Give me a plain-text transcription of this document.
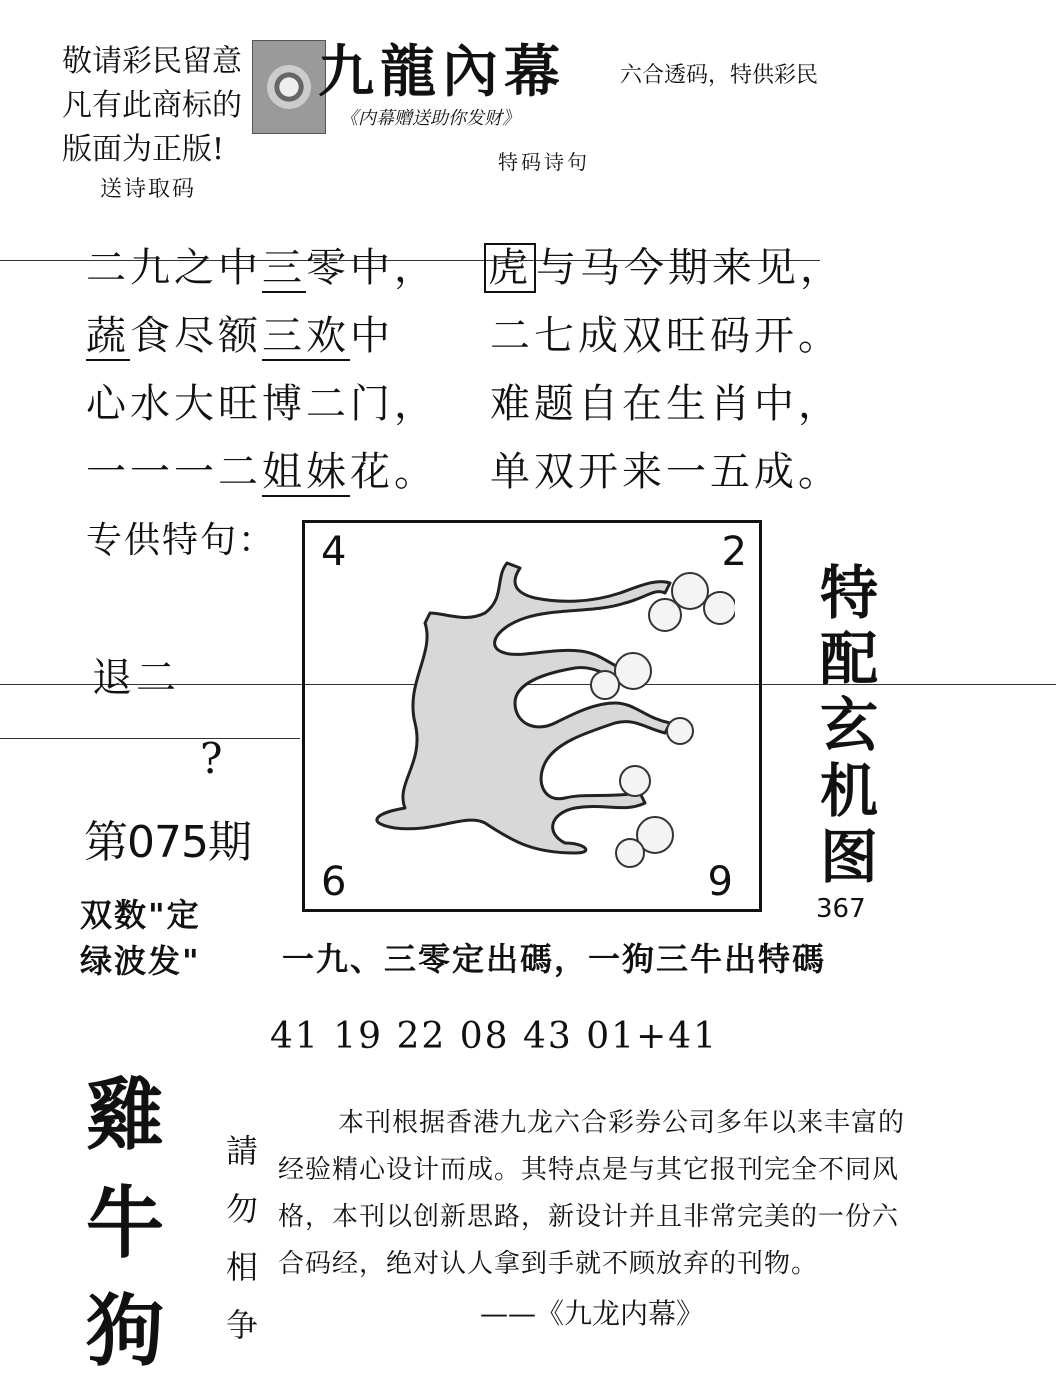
敬请彩民留意
凡有此商标的
版面为正版!
送诗取码
九龍內幕 六合透码，特供彩民
《内幕赠送助你发财》
特码诗句
二九之中三零中，
蔬食尽额三欢中
心水大旺博二门，
一一一二姐妹花。
虎 与马今期来见，
二七成双旺码开。
难题自在生肖中，
单双开来一五成。
专供特句：
退二
?
第075期
双数"定
绿波发"
4	2
6	9
特
配
玄
机
图
367
一九、三零定出碼，一狗三牛出特碼
41 19 22 08 43 01+41
雞
牛
狗
請
勿
相
争
本刊根据香港九龙六合彩券公司多年以来丰富的经验精心设计而成。其特点是与其它报刊完全不同风格，本刊以创新思路，新设计并且非常完美的一份六合码经，绝对认人拿到手就不顾放弃的刊物。
——《九龙内幕》
